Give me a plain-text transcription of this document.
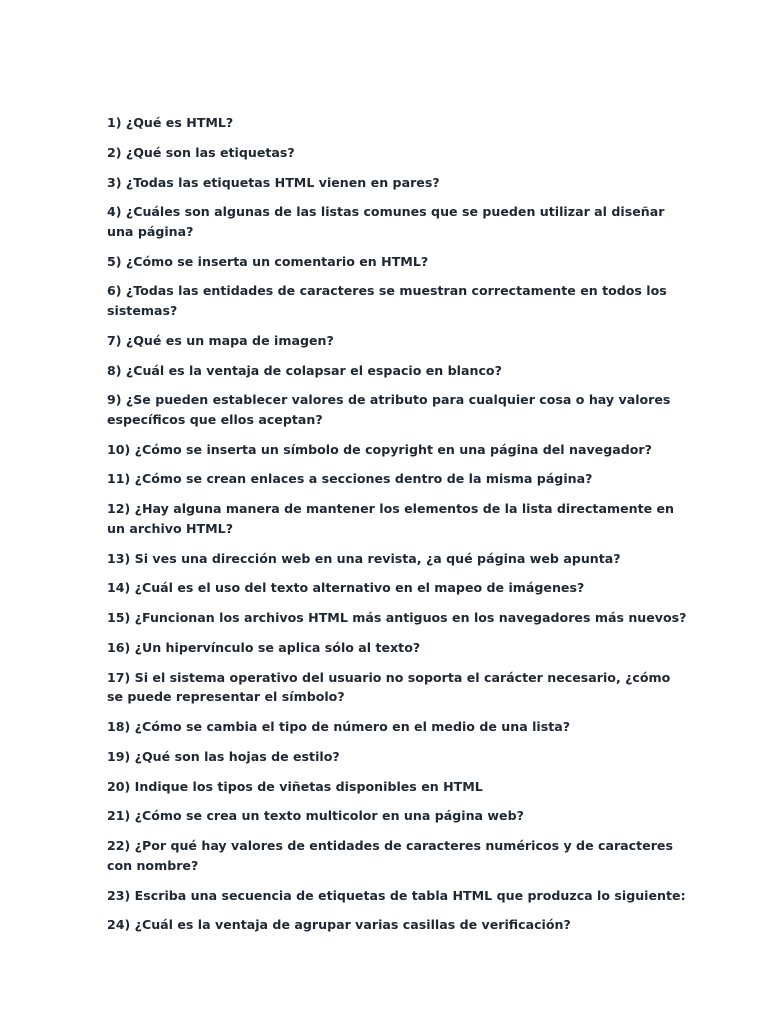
1) ¿Qué es HTML?
2) ¿Qué son las etiquetas?
3) ¿Todas las etiquetas HTML vienen en pares?
4) ¿Cuáles son algunas de las listas comunes que se pueden utilizar al diseñar una página?
5) ¿Cómo se inserta un comentario en HTML?
6) ¿Todas las entidades de caracteres se muestran correctamente en todos los sistemas?
7) ¿Qué es un mapa de imagen?
8) ¿Cuál es la ventaja de colapsar el espacio en blanco?
9) ¿Se pueden establecer valores de atributo para cualquier cosa o hay valores específicos que ellos aceptan?
10) ¿Cómo se inserta un símbolo de copyright en una página del navegador?
11) ¿Cómo se crean enlaces a secciones dentro de la misma página?
12) ¿Hay alguna manera de mantener los elementos de la lista directamente en un archivo HTML?
13) Si ves una dirección web en una revista, ¿a qué página web apunta?
14) ¿Cuál es el uso del texto alternativo en el mapeo de imágenes?
15) ¿Funcionan los archivos HTML más antiguos en los navegadores más nuevos?
16) ¿Un hipervínculo se aplica sólo al texto?
17) Si el sistema operativo del usuario no soporta el carácter necesario, ¿cómo se puede representar el símbolo?
18) ¿Cómo se cambia el tipo de número en el medio de una lista?
19) ¿Qué son las hojas de estilo?
20) Indique los tipos de viñetas disponibles en HTML
21) ¿Cómo se crea un texto multicolor en una página web?
22) ¿Por qué hay valores de entidades de caracteres numéricos y de caracteres con nombre?
23) Escriba una secuencia de etiquetas de tabla HTML que produzca lo siguiente:
24) ¿Cuál es la ventaja de agrupar varias casillas de verificación?
